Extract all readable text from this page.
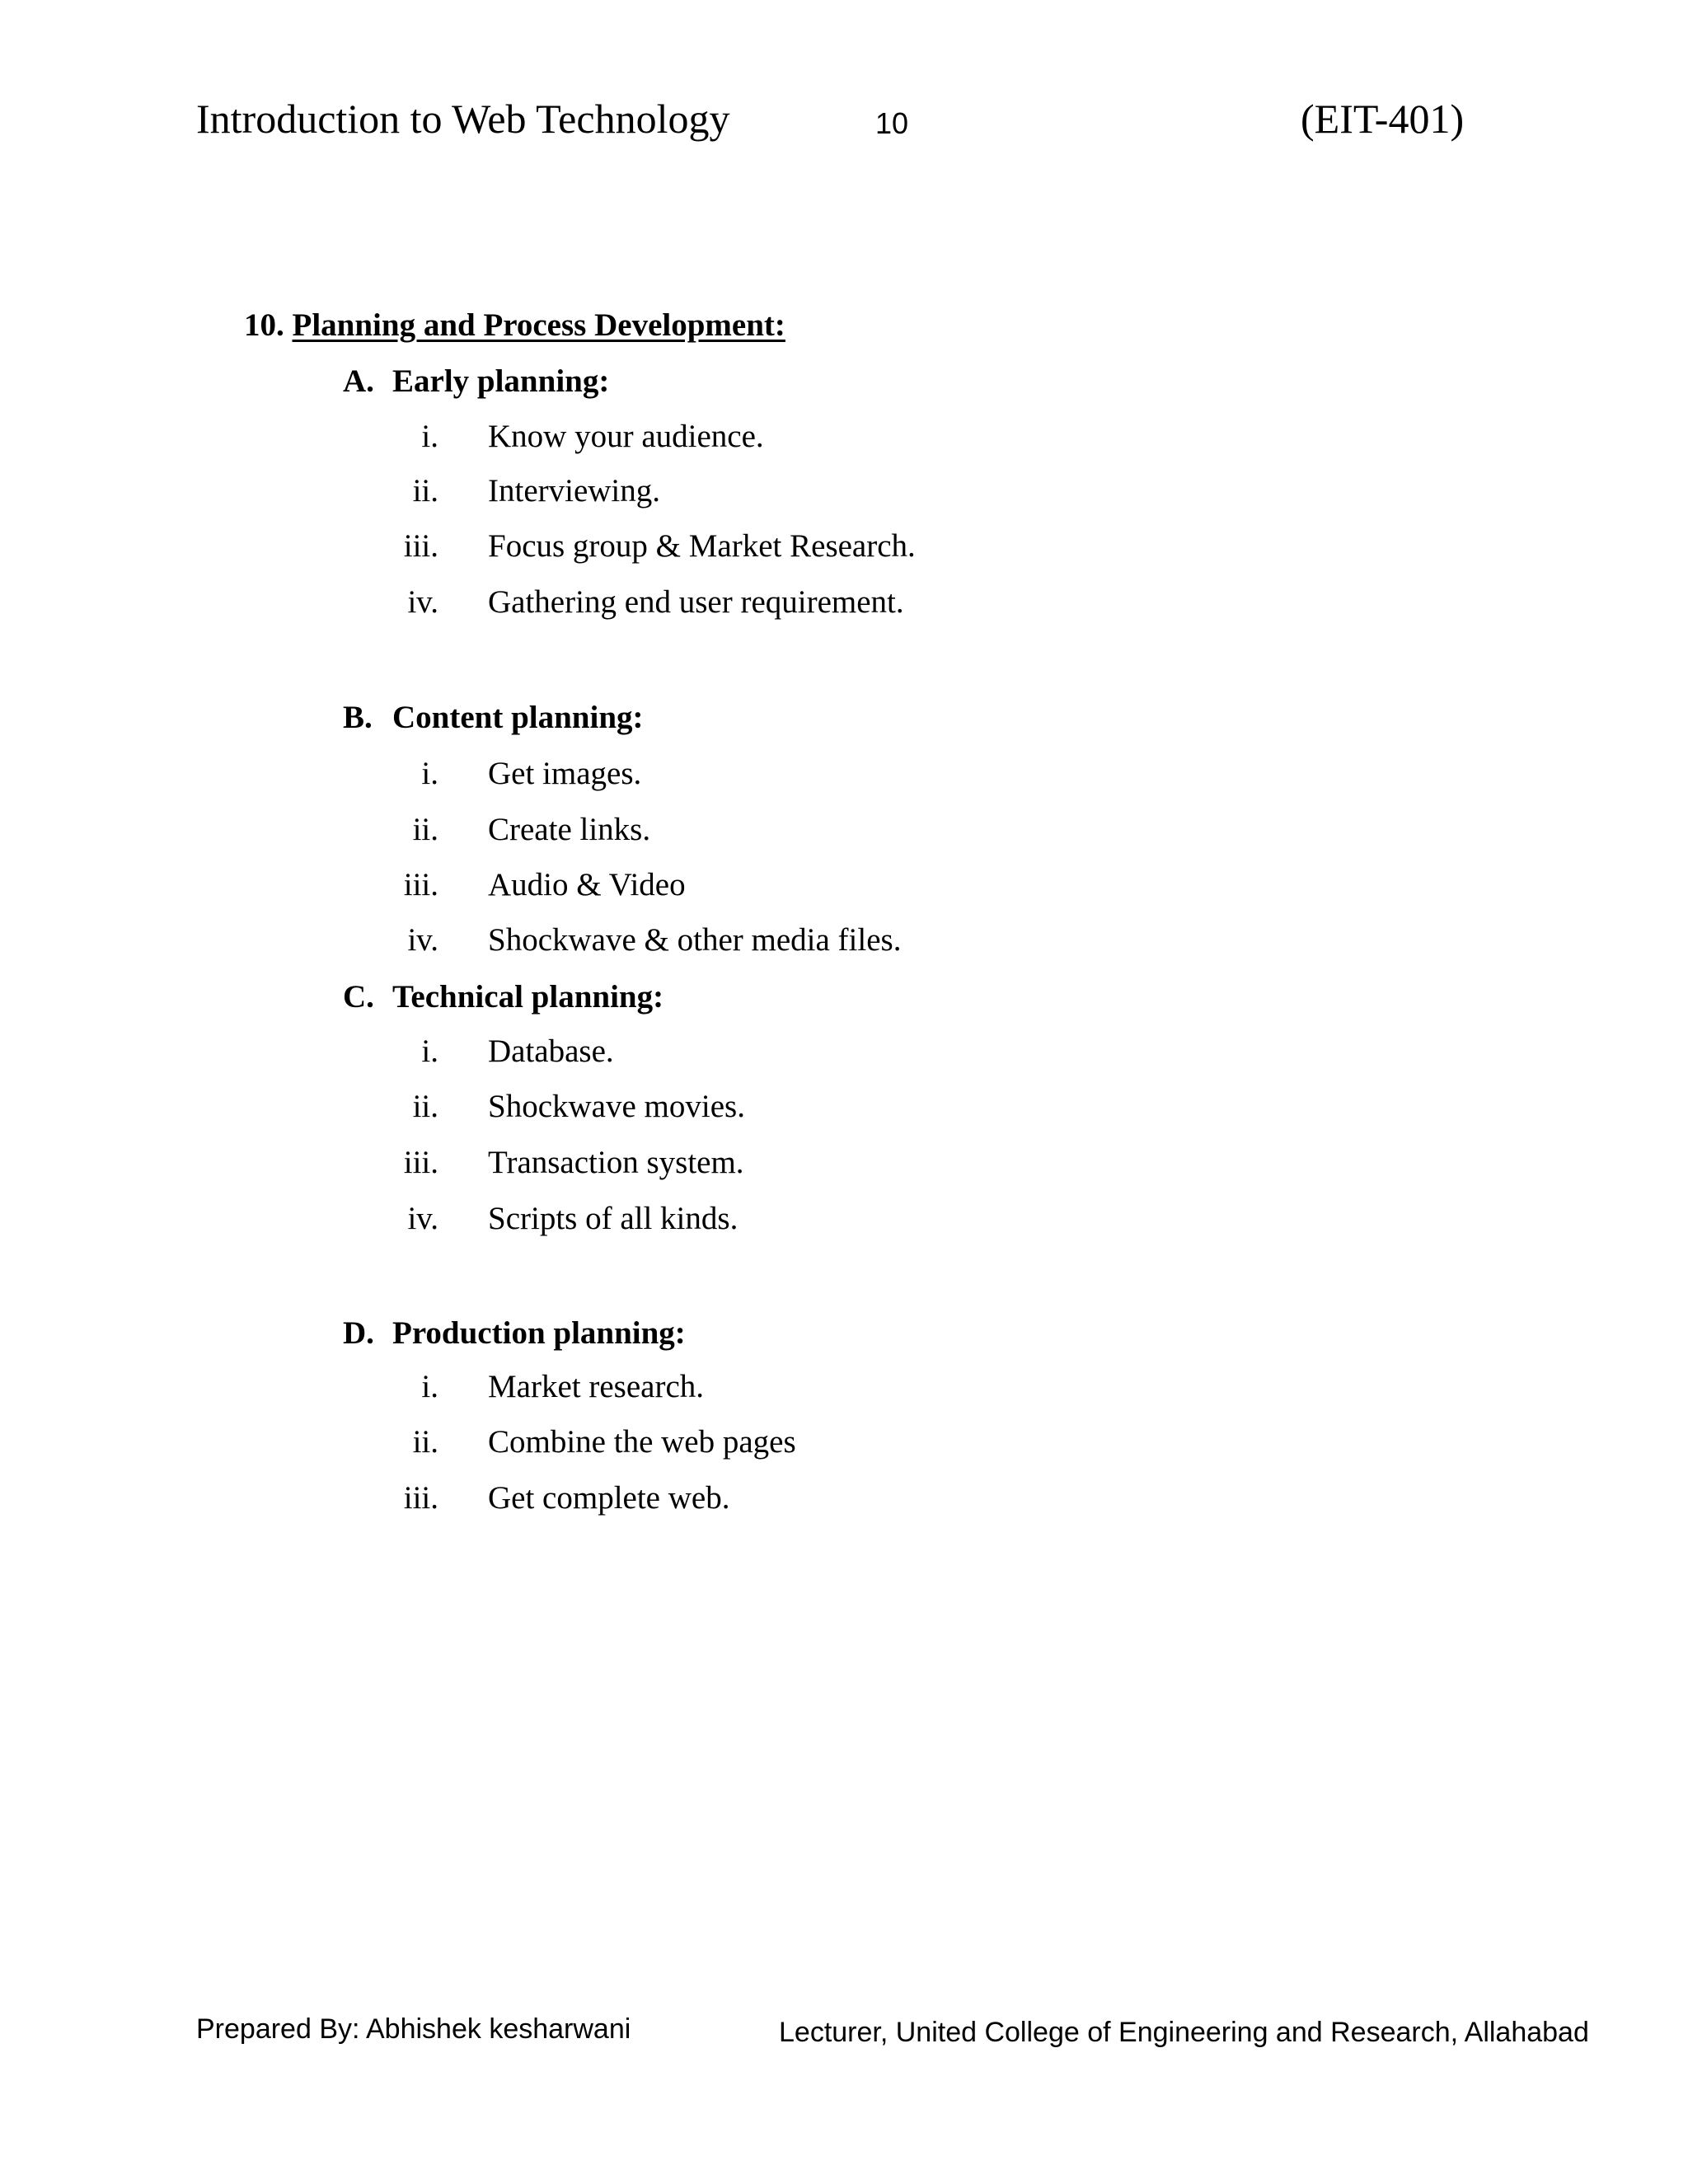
Introduction to Web Technology	10	(EIT-401)
10. Planning and Process Development:
A. Early planning:
i. Know your audience.
ii. Interviewing.
iii. Focus group & Market Research.
iv. Gathering end user requirement.
B. Content planning:
i. Get images.
ii. Create links.
iii. Audio & Video
iv. Shockwave & other media files.
C. Technical planning:
i. Database.
ii. Shockwave movies.
iii. Transaction system.
iv. Scripts of all kinds.
D. Production planning:
i. Market research.
ii. Combine the web pages
iii. Get complete web.
Prepared By: Abhishek kesharwani	Lecturer, United College of Engineering and Research, Allahabad
